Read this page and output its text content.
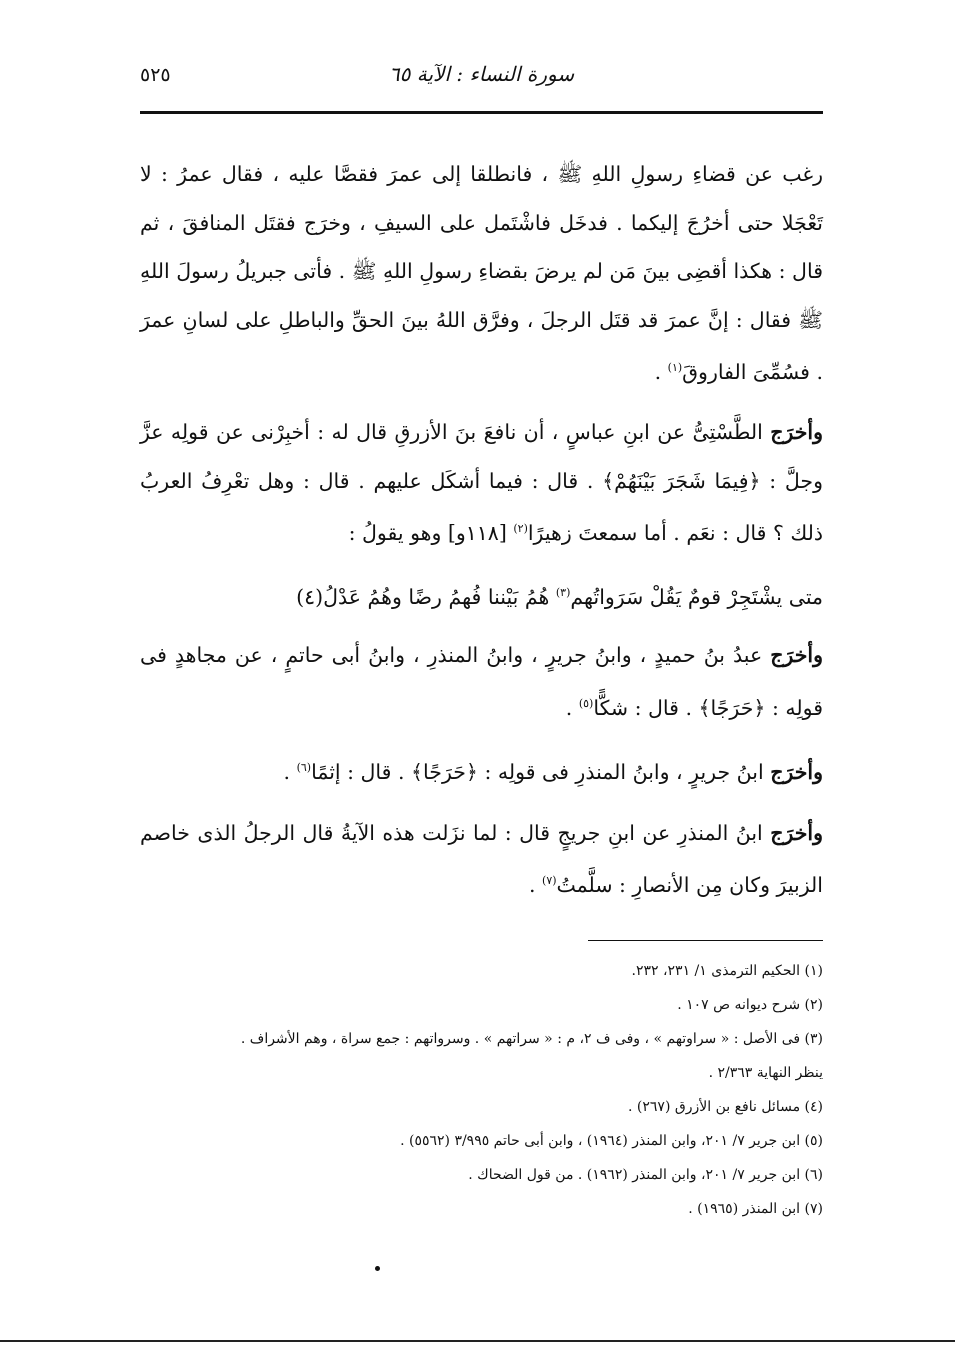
سورة النساء : الآية ٦٥
٥٢٥

رغب عن قضاءِ رسولِ اللهِ ﷺ ، فانطلقا إلى عمرَ فقصَّا عليه ، فقال عمرُ : لا تَعْجَلا حتى أخرُجَ إليكما . فدخَل فاشْتَمل على السيفِ ، وخرَج فقتَل المنافقَ ، ثم قال : هكذا أقضِى بينَ مَن لم يرضَ بقضاءِ رسولِ اللهِ ﷺ . فأتى جبريلُ رسولَ اللهِ ﷺ فقال : إنَّ عمرَ قد قتَل الرجلَ ، وفرَّق اللهُ بينَ الحقِّ والباطلِ على لسانِ عمرَ . فسُمِّىَ الفاروقَ$^{(١)}$ .

وأخرَج الطَّسْتِىُّ عن ابنِ عباسٍ ، أن نافعَ بنَ الأزرقِ قال له : أخبِرْنى عن قولِه عزَّ وجلَّ : ﴿فِيمَا شَجَرَ بَيْنَهُمْ﴾ . قال : فيما أشكَل عليهم . قال : وهل تعْرِفُ العربُ ذلك ؟ قال : نعَم . أما سمعتَ زهيرًا$^{(٢)}$ [١١٨و] وهو يقولُ :

متى يشْتَجِرْ قومٌ يَقُلْ سَرَواتُهم$^{(٣)}$ هُمُ بَيْننا فُهمُ رضًا وهُمُ عَدْلُ(٤)

وأخرَج عبدُ بنُ حميدٍ ، وابنُ جريرٍ ، وابنُ المنذرِ ، وابنُ أبى حاتمٍ ، عن مجاهدٍ فى قولِه : ﴿حَرَجًا﴾ . قال : شكًّا$^{(٥)}$ .

وأخرَج ابنُ جريرٍ ، وابنُ المنذرِ فى قولِه : ﴿حَرَجًا﴾ . قال : إثمًا$^{(٦)}$ .

وأخرَج ابنُ المنذرِ عن ابنِ جريجٍ قال : لما نزَلت هذه الآيةُ قال الرجلُ الذى خاصم الزبيرَ وكان مِن الأنصارِ : سلَّمتُ$^{(٧)}$ .

(١) الحكيم الترمذى ١/ ٢٣١، ٢٣٢.
(٢) شرح ديوانه ص ١٠٧ .
(٣) فى الأصل : « سراوتهم » ، وفى ف ٢، م : « سراتهم » . وسرواتهم : جمع سراة ، وهم الأشراف .
ينظر النهاية ٢/٣٦٣ .
(٤) مسائل نافع بن الأزرق (٢٦٧) .
(٥) ابن جرير ٧/ ٢٠١، وابن المنذر (١٩٦٤) ، وابن أبى حاتم ٣/٩٩٥ (٥٥٦٢) .
(٦) ابن جرير ٧/ ٢٠١، وابن المنذر (١٩٦٢) . من قول الضحاك .
(٧) ابن المنذر (١٩٦٥) .
